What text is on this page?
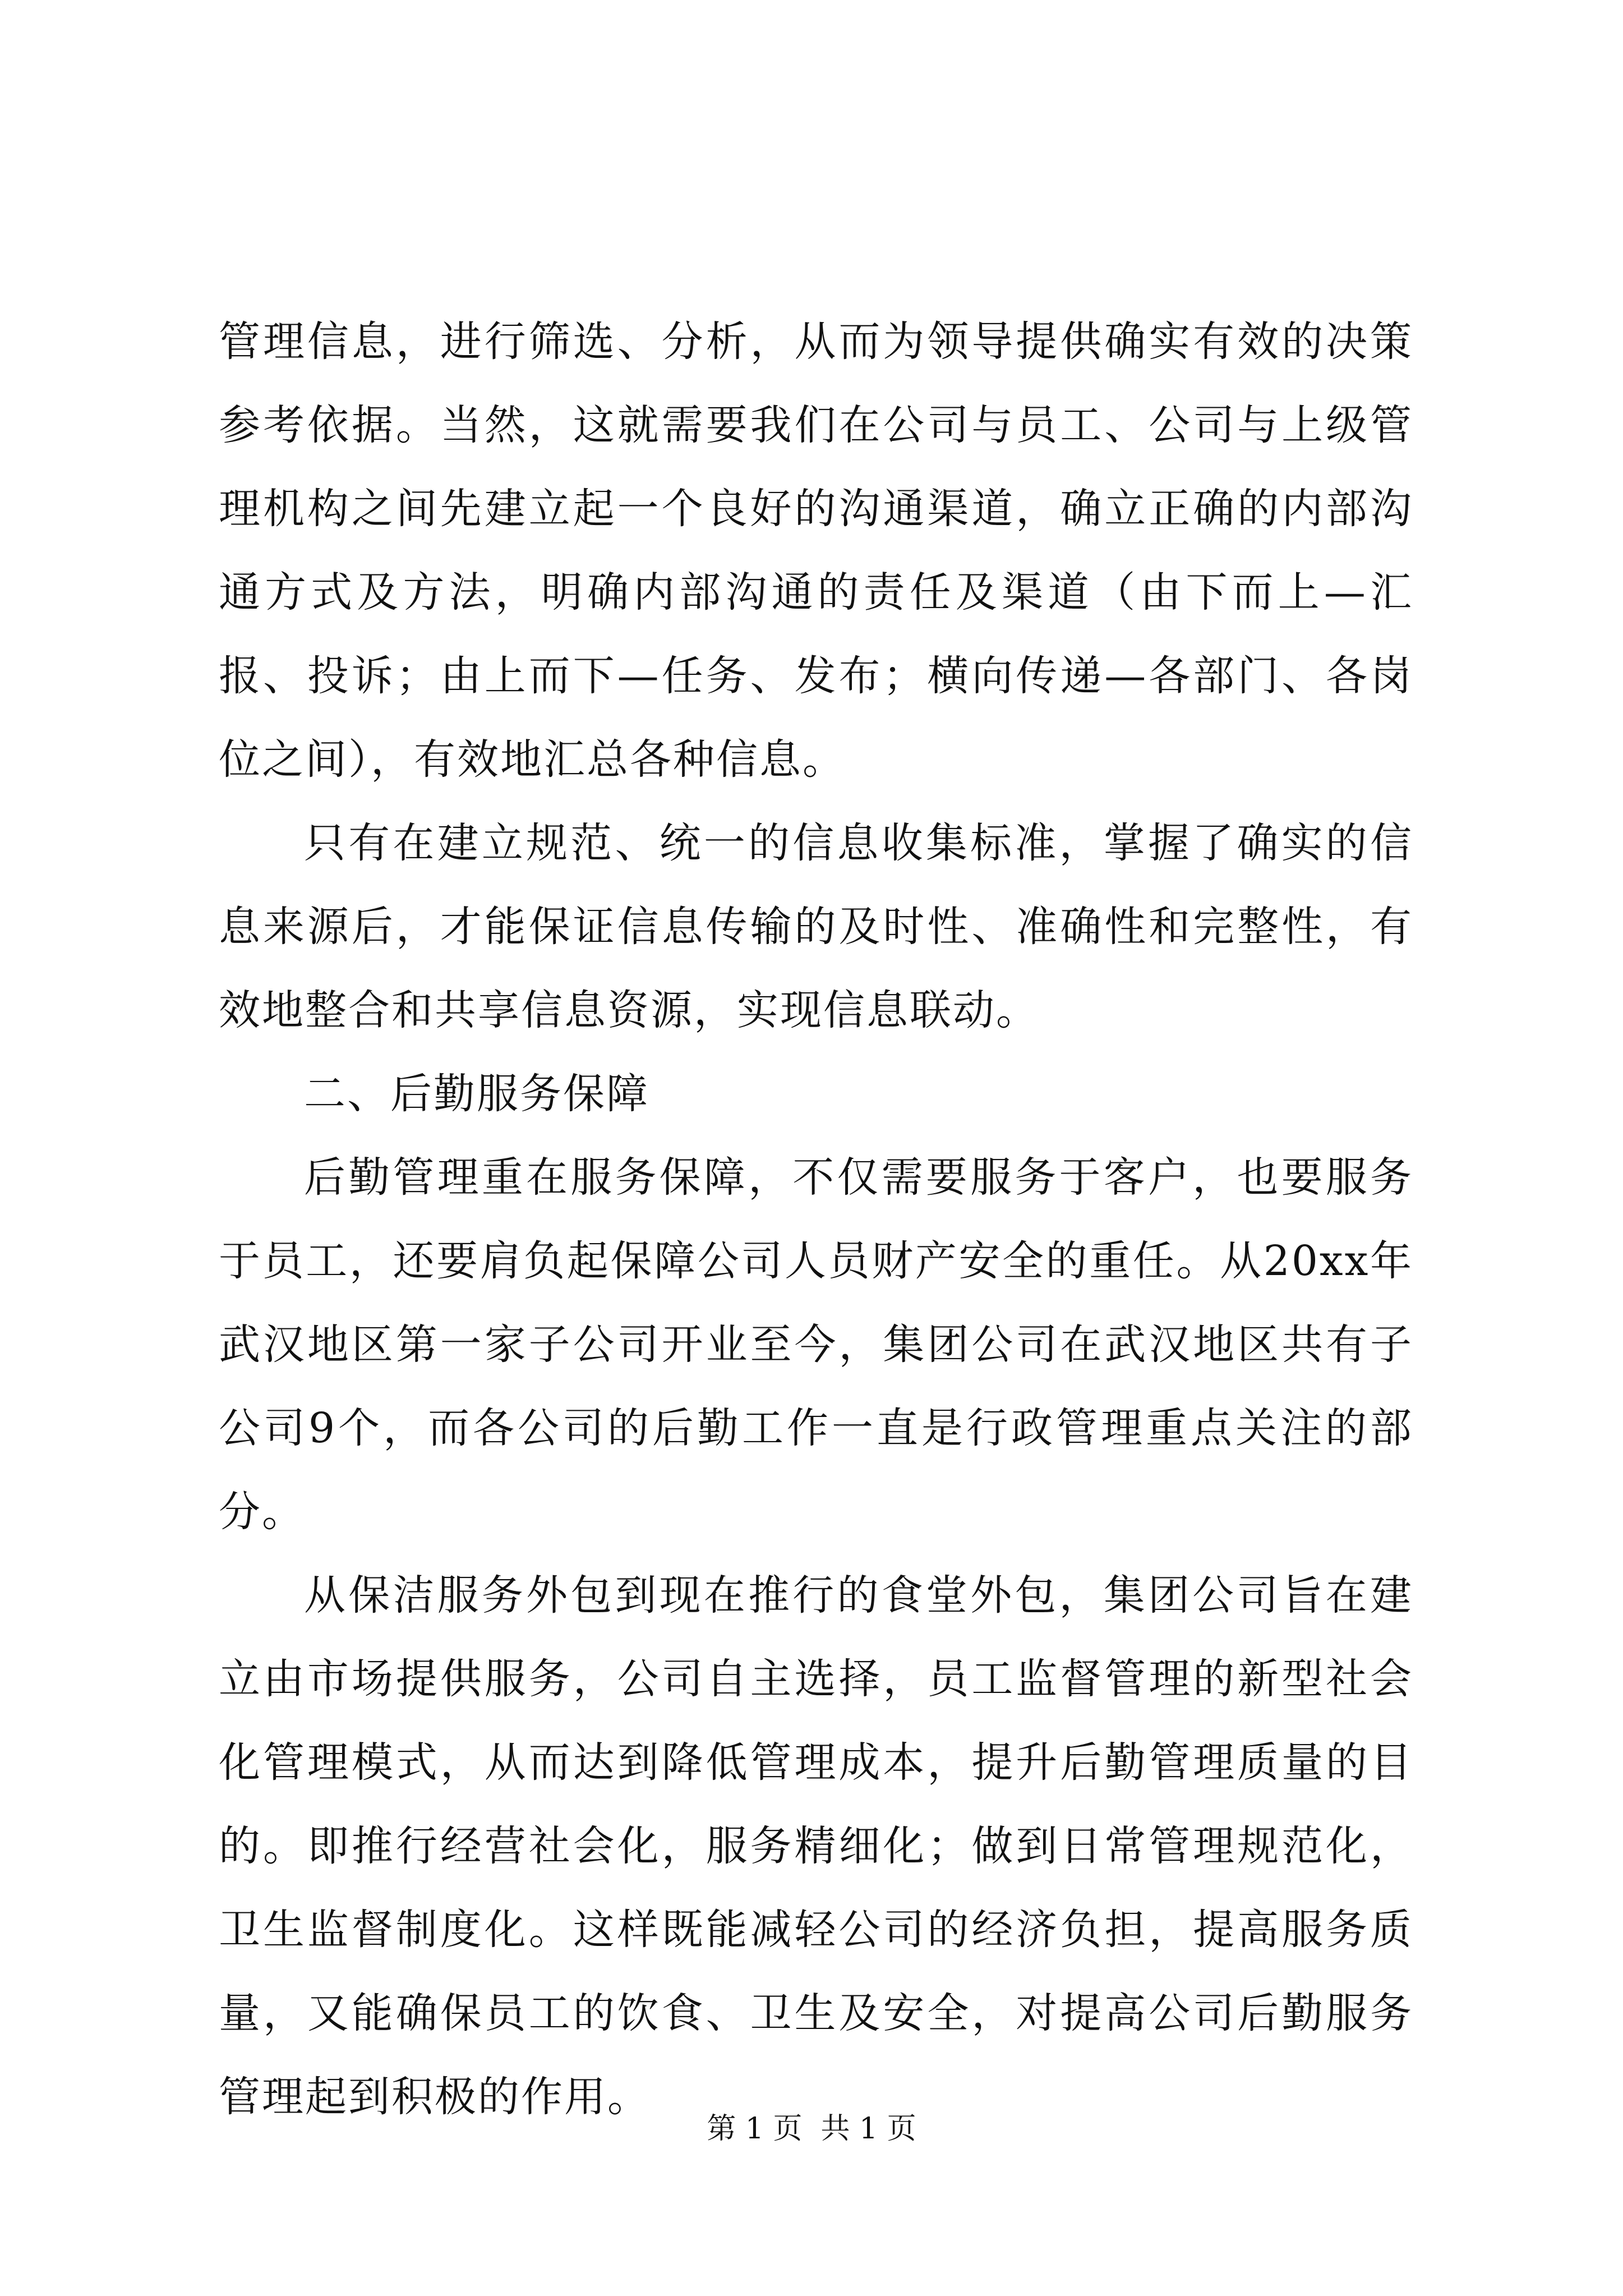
管理信息，进行筛选、分析，从而为领导提供确实有效的决策参考依据。当然，这就需要我们在公司与员工、公司与上级管理机构之间先建立起一个良好的沟通渠道，确立正确的内部沟通方式及方法，明确内部沟通的责任及渠道（由下而上—汇报、投诉；由上而下—任务、发布；横向传递—各部门、各岗位之间），有效地汇总各种信息。

只有在建立规范、统一的信息收集标准，掌握了确实的信息来源后，才能保证信息传输的及时性、准确性和完整性，有效地整合和共享信息资源，实现信息联动。

二、后勤服务保障

后勤管理重在服务保障，不仅需要服务于客户，也要服务于员工，还要肩负起保障公司人员财产安全的重任。从20xx年武汉地区第一家子公司开业至今，集团公司在武汉地区共有子公司9个，而各公司的后勤工作一直是行政管理重点关注的部分。

从保洁服务外包到现在推行的食堂外包，集团公司旨在建立由市场提供服务，公司自主选择，员工监督管理的新型社会化管理模式，从而达到降低管理成本，提升后勤管理质量的目的。即推行经营社会化，服务精细化；做到日常管理规范化，卫生监督制度化。这样既能减轻公司的经济负担，提高服务质量，又能确保员工的饮食、卫生及安全，对提高公司后勤服务管理起到积极的作用。

第 1 页  共 1 页
